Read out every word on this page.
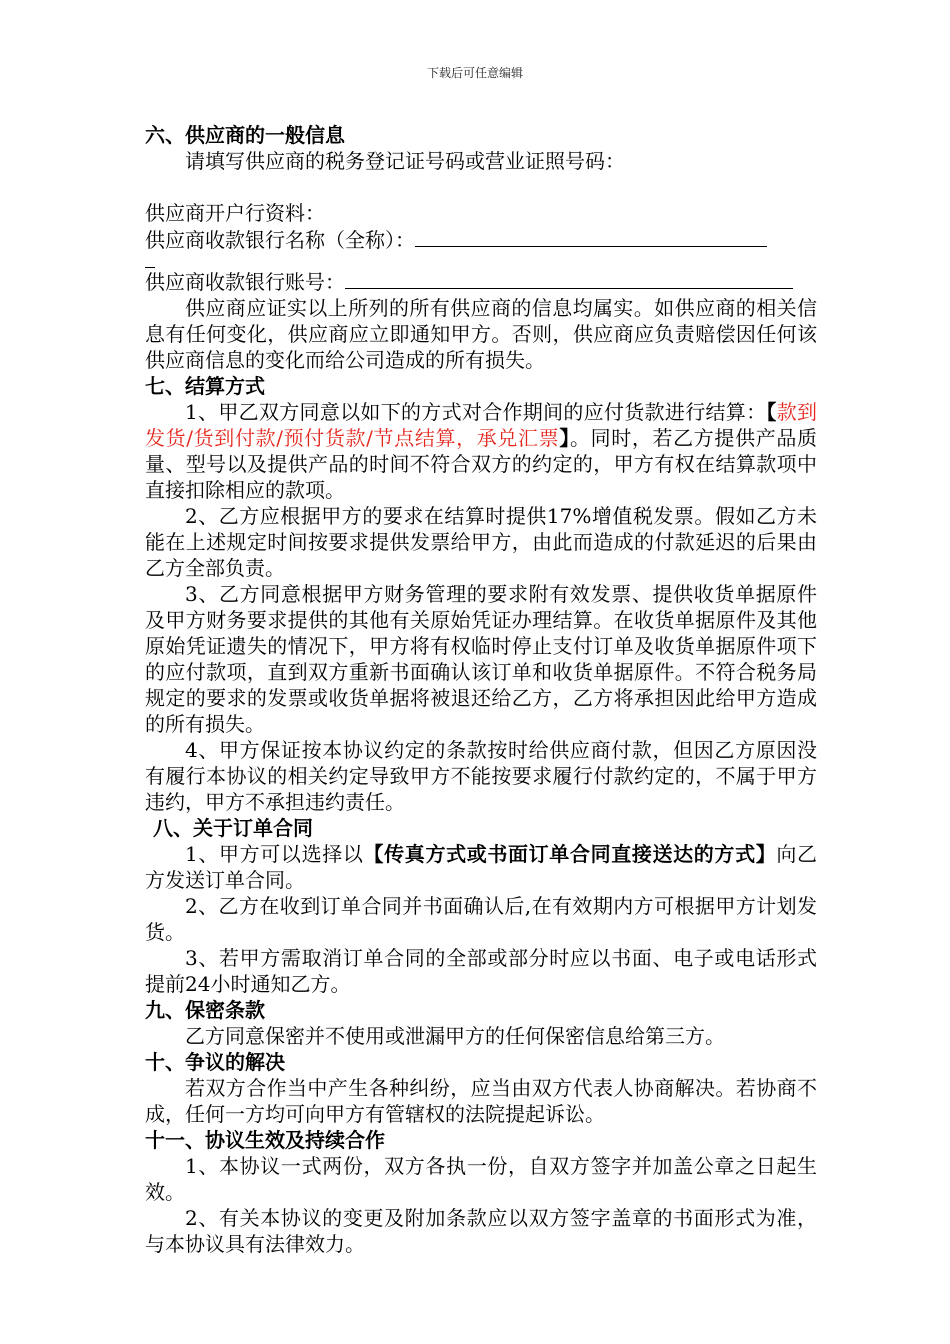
下载后可任意编辑

六、供应商的一般信息

请填写供应商的税务登记证号码或营业证照号码：

供应商开户行资料：

供应商收款银行名称（全称）：

供应商收款银行账号：

供应商应证实以上所列的所有供应商的信息均属实。如供应商的相关信息有任何变化，供应商应立即通知甲方。否则，供应商应负责赔偿因任何该供应商信息的变化而给公司造成的所有损失。

七、结算方式

1、甲乙双方同意以如下的方式对合作期间的应付货款进行结算：【款到发货/货到付款/预付货款/节点结算，承兑汇票】。同时，若乙方提供产品质量、型号以及提供产品的时间不符合双方的约定的，甲方有权在结算款项中直接扣除相应的款项。

2、乙方应根据甲方的要求在结算时提供17%增值税发票。假如乙方未能在上述规定时间按要求提供发票给甲方，由此而造成的付款延迟的后果由乙方全部负责。

3、乙方同意根据甲方财务管理的要求附有效发票、提供收货单据原件及甲方财务要求提供的其他有关原始凭证办理结算。在收货单据原件及其他原始凭证遗失的情况下，甲方将有权临时停止支付订单及收货单据原件项下的应付款项，直到双方重新书面确认该订单和收货单据原件。不符合税务局规定的要求的发票或收货单据将被退还给乙方，乙方将承担因此给甲方造成的所有损失。

4、甲方保证按本协议约定的条款按时给供应商付款，但因乙方原因没有履行本协议的相关约定导致甲方不能按要求履行付款约定的，不属于甲方违约，甲方不承担违约责任。

八、关于订单合同

1、甲方可以选择以【传真方式或书面订单合同直接送达的方式】向乙方发送订单合同。

2、乙方在收到订单合同并书面确认后,在有效期内方可根据甲方计划发货。

3、若甲方需取消订单合同的全部或部分时应以书面、电子或电话形式提前24小时通知乙方。

九、保密条款

乙方同意保密并不使用或泄漏甲方的任何保密信息给第三方。

十、争议的解决

若双方合作当中产生各种纠纷，应当由双方代表人协商解决。若协商不成，任何一方均可向甲方有管辖权的法院提起诉讼。

十一、协议生效及持续合作

1、本协议一式两份，双方各执一份，自双方签字并加盖公章之日起生效。

2、有关本协议的变更及附加条款应以双方签字盖章的书面形式为准，与本协议具有法律效力。
